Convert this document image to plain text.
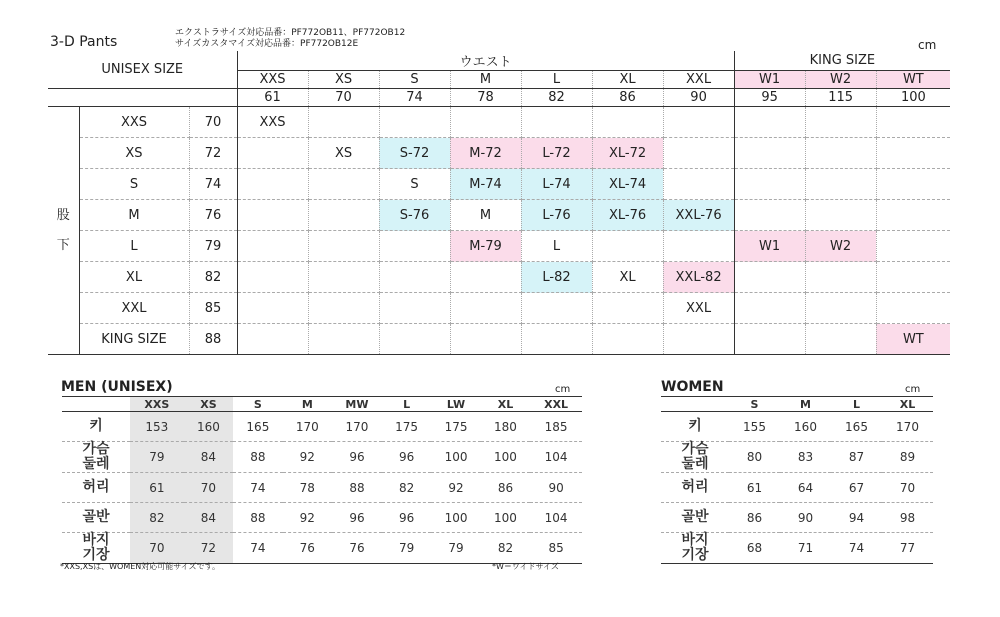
3-D Pants
エクストラサイズ対応品番：PF772OB11、PF772OB12
サイズカスタマイズ対応品番：PF772OB12E	cm
UNISEX SIZE			ウエスト							KING SIZE		
			XXS	XS	S	M	L	XL	XXL	W1	W2	WT
			61	70	74	78	82	86	90	95	115	100

股
下	XXS	70	XXS									
	XS	72		XS	S-72	M-72	L-72	XL-72				
	S	74			S	M-74	L-74	XL-74				
	M	76			S-76	M	L-76	XL-76	XXL-76			
	L	79				M-79	L			W1	W2	
	XL	82					L-82	XL	XXL-82			
	XXL	85							XXL			
	KING SIZE	88										WT
MEN (UNISEX)	cm
	XXS	XS	S	M	MW	L	LW	XL	XXL

키	153	160	165	170	170	175	175	180	185

가슴
둘레	79	84	88	92	96	96	100	100	104

허리	61	70	74	78	88	82	92	86	90

골반	82	84	88	92	96	96	100	100	104

바지
기장	70	72	74	76	76	79	79	82	85
*XXS,XSは、WOMEN対応可能サイズです。	*W＝ワイドサイズ
WOMEN	cm
	S	M	L	XL

키	155	160	165	170

가슴
둘레	80	83	87	89

허리	61	64	67	70

골반	86	90	94	98

바지
기장	68	71	74	77
